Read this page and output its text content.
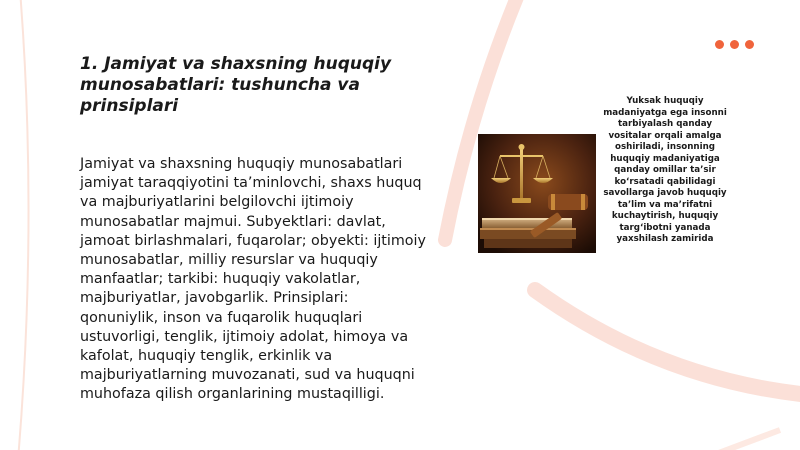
1. Jamiyat va shaxsning huquqiy munosabatlari: tushuncha va prinsiplari

Jamiyat va shaxsning huquqiy munosabatlari jamiyat taraqqiyotini ta’minlovchi, shaxs huquq va majburiyatlarini belgilovchi ijtimoiy munosabatlar majmui. Subyektlari: davlat, jamoat birlashmalari, fuqarolar; obyekti: ijtimoiy munosabatlar, milliy resurslar va huquqiy manfaatlar; tarkibi: huquqiy vakolatlar, majburiyatlar, javobgarlik. Prinsiplari: qonuniylik, inson va fuqarolik huquqlari ustuvorligi, tenglik, ijtimoiy adolat, himoya va kafolat, huquqiy tenglik, erkinlik va majburiyatlarning muvozanati, sud va huquqni muhofaza qilish organlarining mustaqilligi.

Yuksak huquqiy madaniyatga ega insonni tarbiyalash qanday vositalar orqali amalga oshiriladi, insonning huquqiy madaniyatiga qanday omillar ta’sir ko‘rsatadi qabilidagi savollarga javob huquqiy ta’lim va ma’rifatni kuchaytirish, huquqiy targ‘ibotni yanada yaxshilash zamirida
